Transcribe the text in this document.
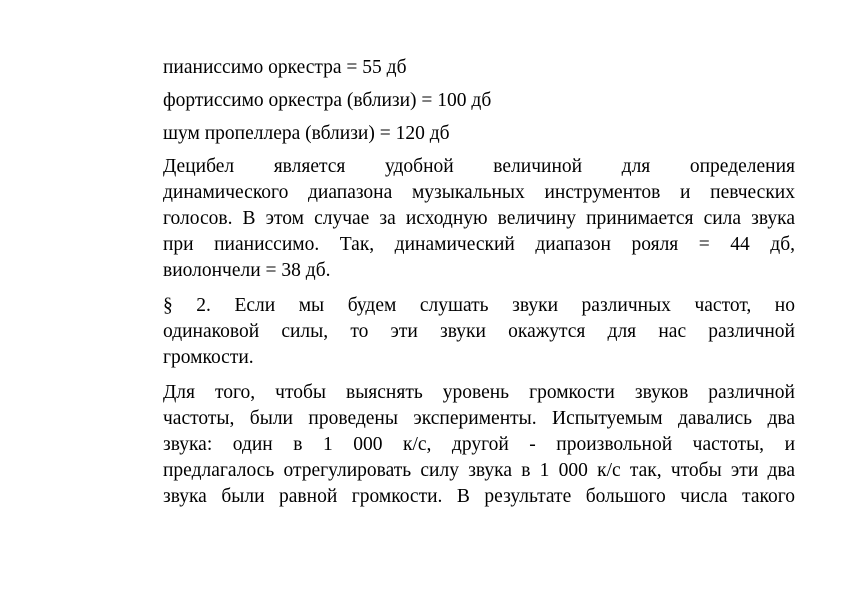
пианиссимо оркестра = 55 дб

фортиссимо оркестра (вблизи) = 100 дб

шум пропеллера (вблизи) = 120 дб

Децибел является удобной величиной для определения
динамического диапазона музыкальных инструментов и певческих
голосов. В этом случае за исходную величину принимается сила звука
при пианиссимо. Так, динамический диапазон рояля = 44 дб,
виолончели = 38 дб.
§ 2. Если мы будем слушать звуки различных частот, но
одинаковой силы, то эти звуки окажутся для нас различной
громкости.
Для того, чтобы выяснять уровень громкости звуков различной
частоты, были проведены эксперименты. Испытуемым давались два
звука: один в 1 000 к/с, другой - произвольной частоты, и
предлагалось отрегулировать силу звука в 1 000 к/с так, чтобы эти два
звука были равной громкости. В результате большого числа такого
